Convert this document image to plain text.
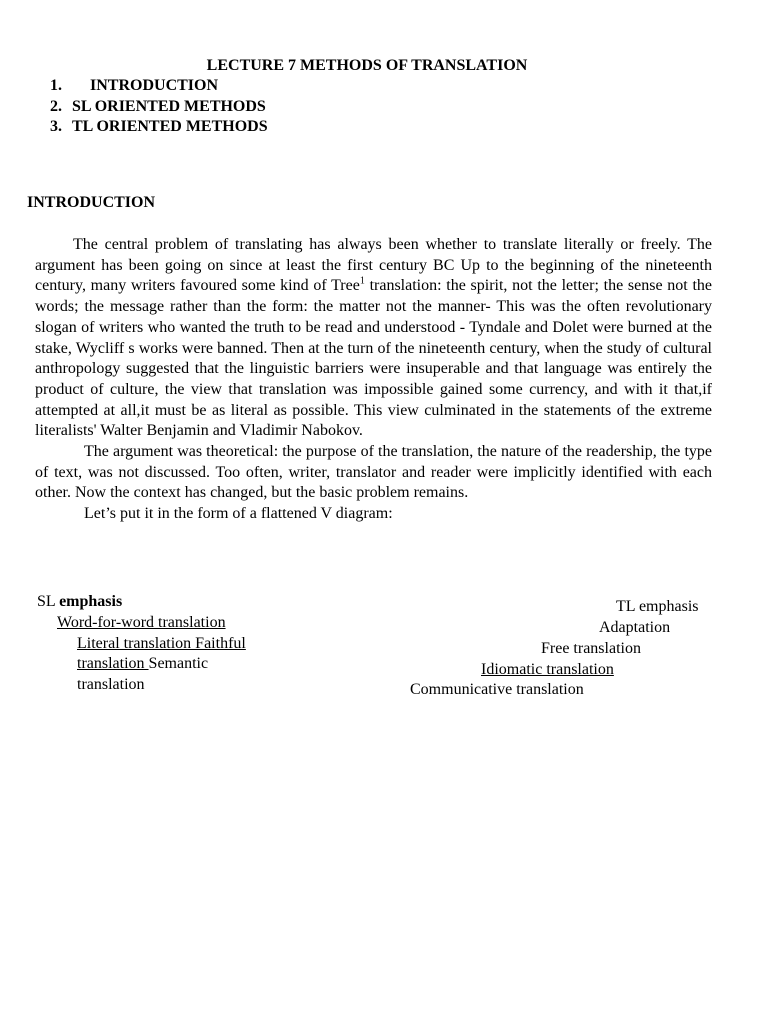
LECTURE 7 METHODS OF TRANSLATION
1. INTRODUCTION
2. SL ORIENTED METHODS
3. TL ORIENTED METHODS
INTRODUCTION

The central problem of translating has always been whether to translate literally or freely. The argument has been going on since at least the first century BC Up to the beginning of the nineteenth century, many writers favoured some kind of Tree$^1$ translation: the spirit, not the letter; the sense not the words; the message rather than the form: the matter not the manner- This was the often revolutionary slogan of writers who wanted the truth to be read and understood - Tyndale and Dolet were burned at the stake, Wycliff s works were banned. Then at the turn of the nineteenth century, when the study of cultural anthropology suggested that the linguistic barriers were insuperable and that language was entirely the product of culture, the view that translation was impossible gained some currency, and with it that,if attempted at all,it must be as literal as possible. This view culminated in the statements of the extreme literalists' Walter Benjamin and Vladimir Nabokov.

The argument was theoretical: the purpose of the translation, the nature of the readership, the type of text, was not discussed. Too often, writer, translator and reader were implicitly identified with each other. Now the context has changed, but the basic problem remains.

Let’s put it in the form of a flattened V diagram:

SL emphasis
Word-for-word translation
Literal translation Faithful
translation Semantic
translation
TL emphasis
Adaptation
Free translation
Idiomatic translation
Communicative translation
